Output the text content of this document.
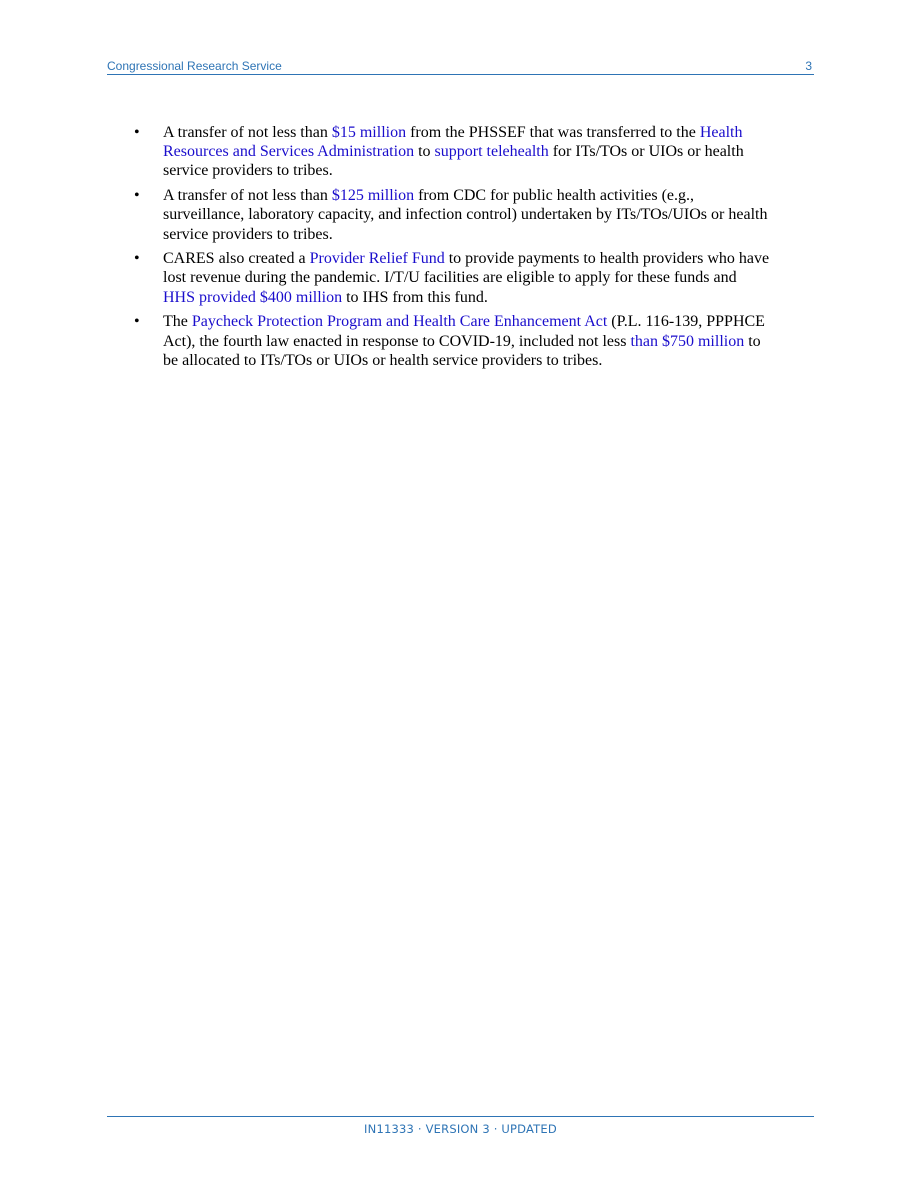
Congressional Research Service	3
• A transfer of not less than $15 million from the PHSSEF that was transferred to the Health Resources and Services Administration to support telehealth for ITs/TOs or UIOs or health service providers to tribes.
• A transfer of not less than $125 million from CDC for public health activities (e.g., surveillance, laboratory capacity, and infection control) undertaken by ITs/TOs/UIOs or health service providers to tribes.
• CARES also created a Provider Relief Fund to provide payments to health providers who have lost revenue during the pandemic. I/T/U facilities are eligible to apply for these funds and HHS provided $400 million to IHS from this fund.
• The Paycheck Protection Program and Health Care Enhancement Act (P.L. 116-139, PPPHCE Act), the fourth law enacted in response to COVID-19, included not less than $750 million to be allocated to ITs/TOs or UIOs or health service providers to tribes.
IN11333 · VERSION 3 · UPDATED
